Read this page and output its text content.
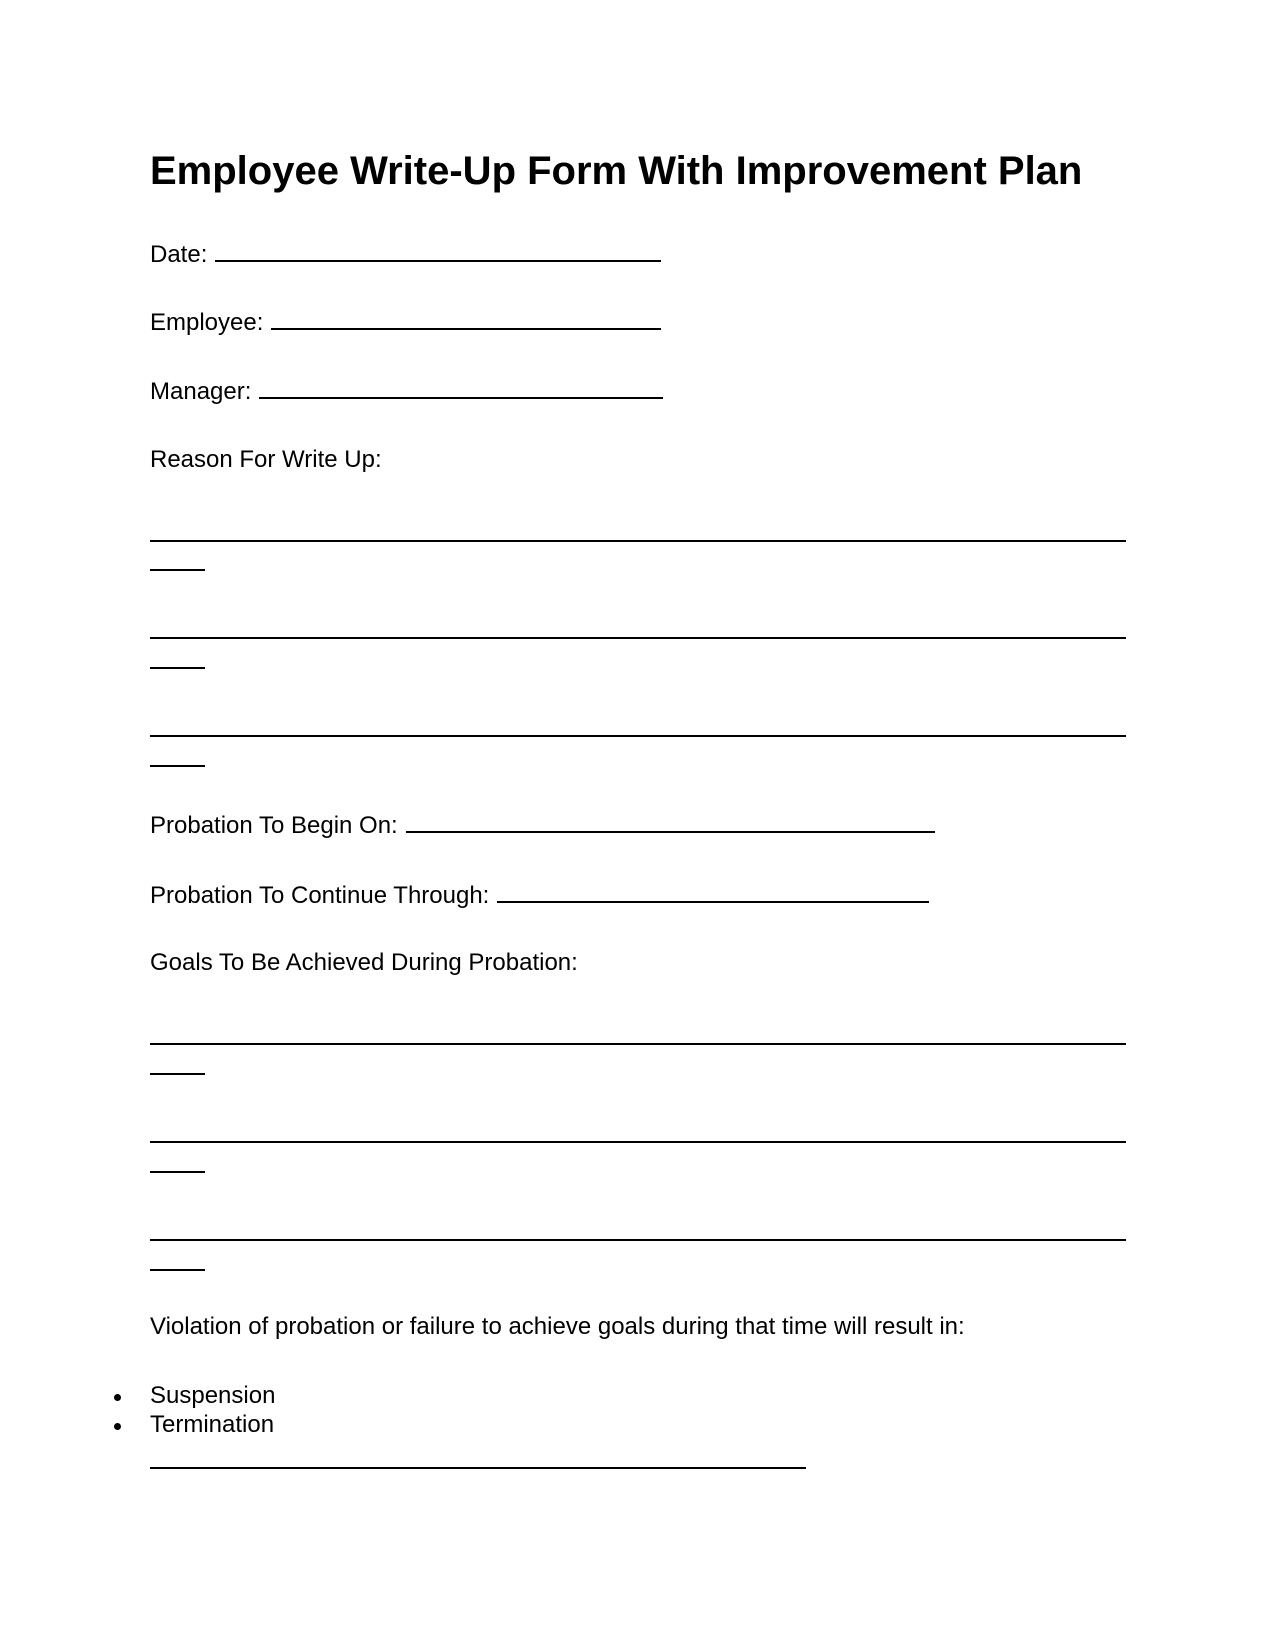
Employee Write-Up Form With Improvement Plan
Date:
Employee:
Manager:
Reason For Write Up:
Probation To Begin On:
Probation To Continue Through:
Goals To Be Achieved During Probation:
Violation of probation or failure to achieve goals during that time will result in:
Suspension
Termination
